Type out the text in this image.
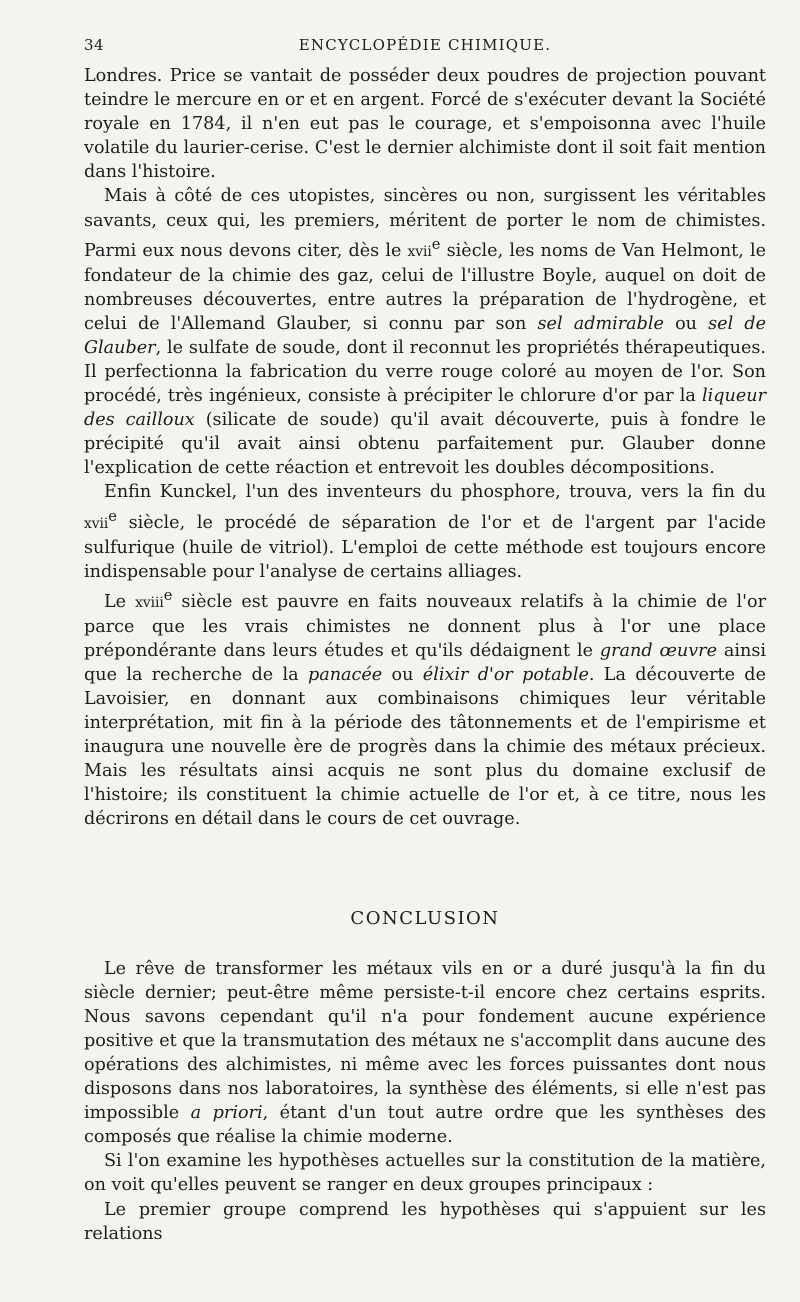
34	ENCYCLOPÉDIE CHIMIQUE.

Londres. Price se vantait de posséder deux poudres de projection pouvant teindre le mercure en or et en argent. Forcé de s'exécuter devant la Société royale en 1784, il n'en eut pas le courage, et s'empoisonna avec l'huile volatile du laurier-cerise. C'est le dernier alchimiste dont il soit fait mention dans l'histoire.

Mais à côté de ces utopistes, sincères ou non, surgissent les véritables savants, ceux qui, les premiers, méritent de porter le nom de chimistes. Parmi eux nous devons citer, dès le xvii$^e$ siècle, les noms de Van Helmont, le fondateur de la chimie des gaz, celui de l'illustre Boyle, auquel on doit de nombreuses découvertes, entre autres la préparation de l'hydrogène, et celui de l'Allemand Glauber, si connu par son sel admirable ou sel de Glauber, le sulfate de soude, dont il reconnut les propriétés thérapeutiques. Il perfectionna la fabrication du verre rouge coloré au moyen de l'or. Son procédé, très ingénieux, consiste à précipiter le chlorure d'or par la liqueur des cailloux (silicate de soude) qu'il avait découverte, puis à fondre le précipité qu'il avait ainsi obtenu parfaitement pur. Glauber donne l'explication de cette réaction et entrevoit les doubles décompositions.

Enfin Kunckel, l'un des inventeurs du phosphore, trouva, vers la fin du xvii$^e$ siècle, le procédé de séparation de l'or et de l'argent par l'acide sulfurique (huile de vitriol). L'emploi de cette méthode est toujours encore indispensable pour l'analyse de certains alliages.

Le xviii$^e$ siècle est pauvre en faits nouveaux relatifs à la chimie de l'or parce que les vrais chimistes ne donnent plus à l'or une place prépondérante dans leurs études et qu'ils dédaignent le grand œuvre ainsi que la recherche de la panacée ou élixir d'or potable. La découverte de Lavoisier, en donnant aux combinaisons chimiques leur véritable interprétation, mit fin à la période des tâtonnements et de l'empirisme et inaugura une nouvelle ère de progrès dans la chimie des métaux précieux. Mais les résultats ainsi acquis ne sont plus du domaine exclusif de l'histoire; ils constituent la chimie actuelle de l'or et, à ce titre, nous les décrirons en détail dans le cours de cet ouvrage.

CONCLUSION

Le rêve de transformer les métaux vils en or a duré jusqu'à la fin du siècle dernier; peut-être même persiste-t-il encore chez certains esprits. Nous savons cependant qu'il n'a pour fondement aucune expérience positive et que la transmutation des métaux ne s'accomplit dans aucune des opérations des alchimistes, ni même avec les forces puissantes dont nous disposons dans nos laboratoires, la synthèse des éléments, si elle n'est pas impossible a priori, étant d'un tout autre ordre que les synthèses des composés que réalise la chimie moderne.

Si l'on examine les hypothèses actuelles sur la constitution de la matière, on voit qu'elles peuvent se ranger en deux groupes principaux :

Le premier groupe comprend les hypothèses qui s'appuient sur les relations
